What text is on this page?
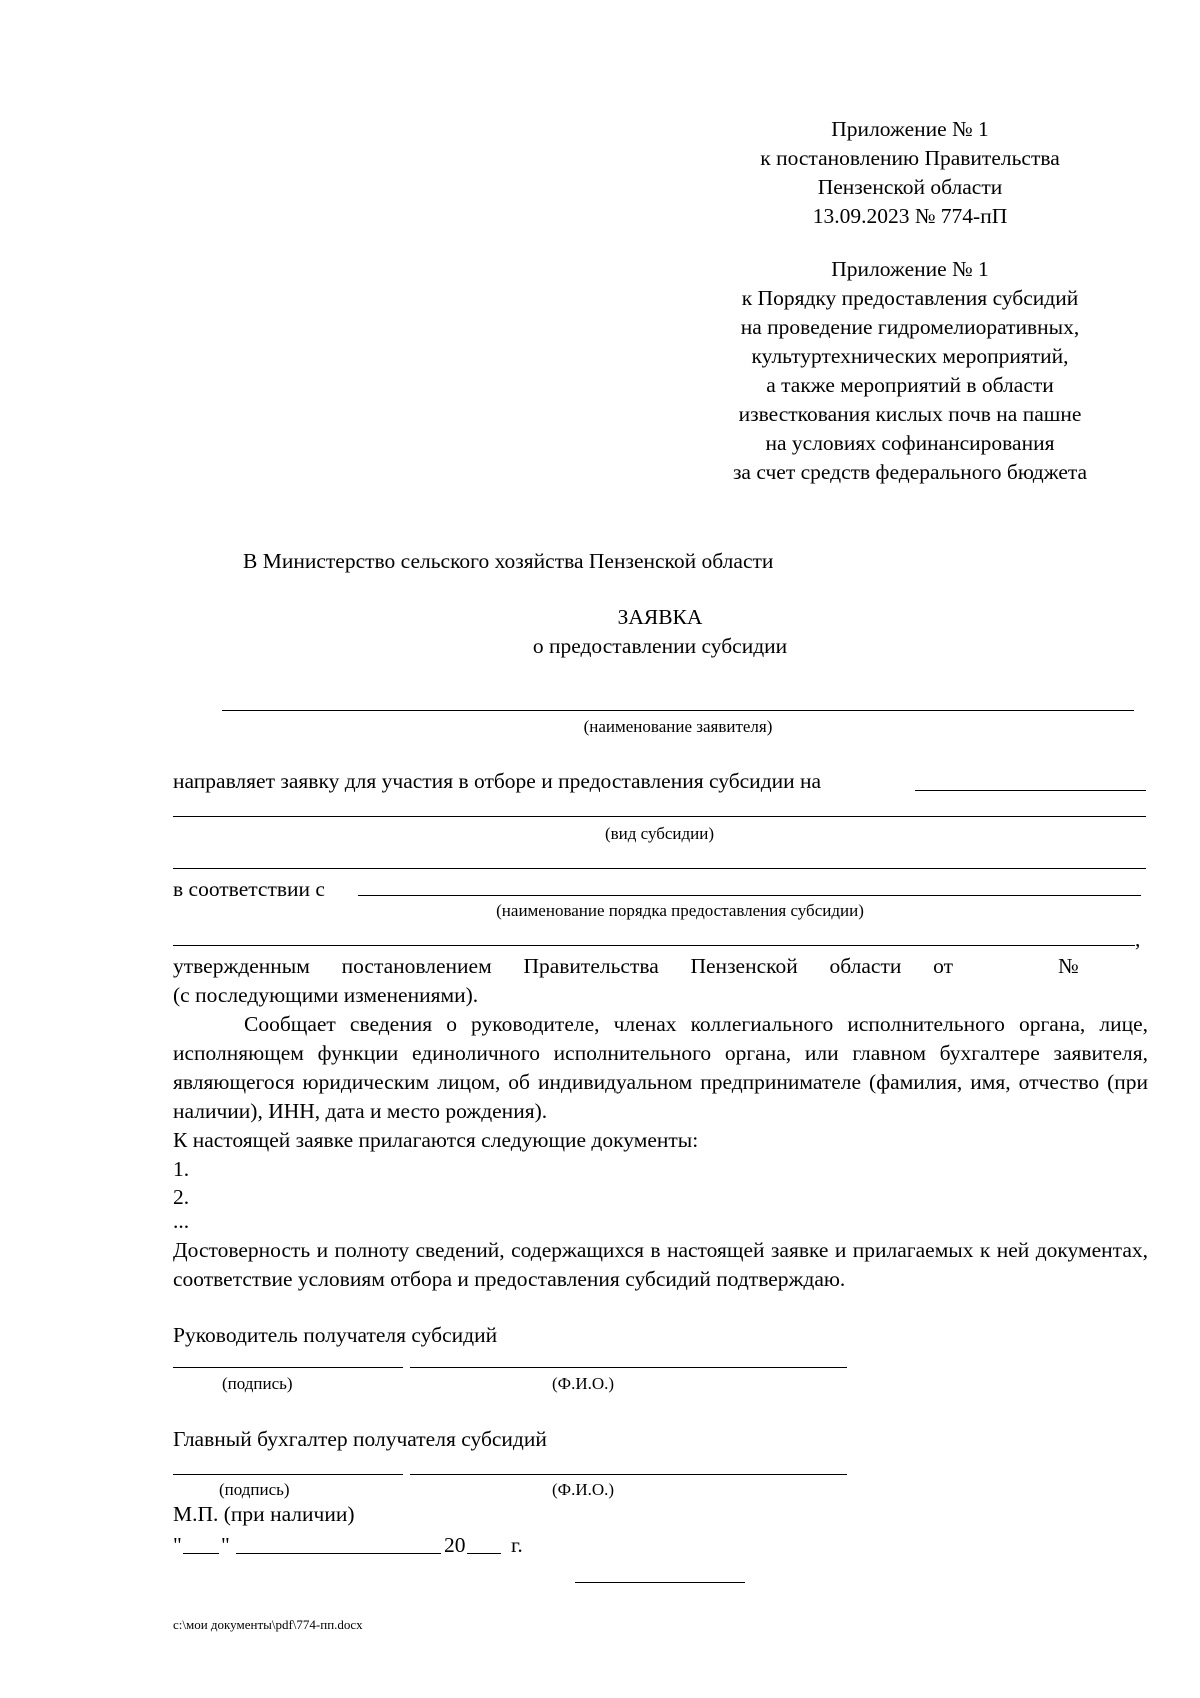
Приложение № 1
к постановлению Правительства
Пензенской области
13.09.2023 № 774-пП
Приложение № 1
к Порядку предоставления субсидий
на проведение гидромелиоративных,
культуртехнических мероприятий,
а также мероприятий в области
известкования кислых почв на пашне
на условиях софинансирования
за счет средств федерального бюджета
В Министерство сельского хозяйства Пензенской области
ЗАЯВКА
о предоставлении субсидии
(наименование заявителя)
направляет заявку для участия в отборе и предоставления субсидии на
(вид субсидии)
в соответствии с
(наименование порядка предоставления субсидии)
,
утвержденным постановлением Правительства Пензенской области от	№
(с последующими изменениями).
Сообщает сведения о руководителе, членах коллегиального исполнительного органа, лице, исполняющем функции единоличного исполнительного органа, или главном бухгалтере заявителя, являющегося юридическим лицом, об индивидуальном предпринимателе (фамилия, имя, отчество (при наличии), ИНН, дата и место рождения).
К настоящей заявке прилагаются следующие документы:
1.
2.
...
Достоверность и полноту сведений, содержащихся в настоящей заявке и прилагаемых к ней документах, соответствие условиям отбора и предоставления субсидий подтверждаю.
Руководитель получателя субсидий
(подпись)	(Ф.И.О.)
Главный бухгалтер получателя субсидий
(подпись)	(Ф.И.О.)
М.П. (при наличии)
" "	20 г.
c:\мои документы\pdf\774-пп.docx
